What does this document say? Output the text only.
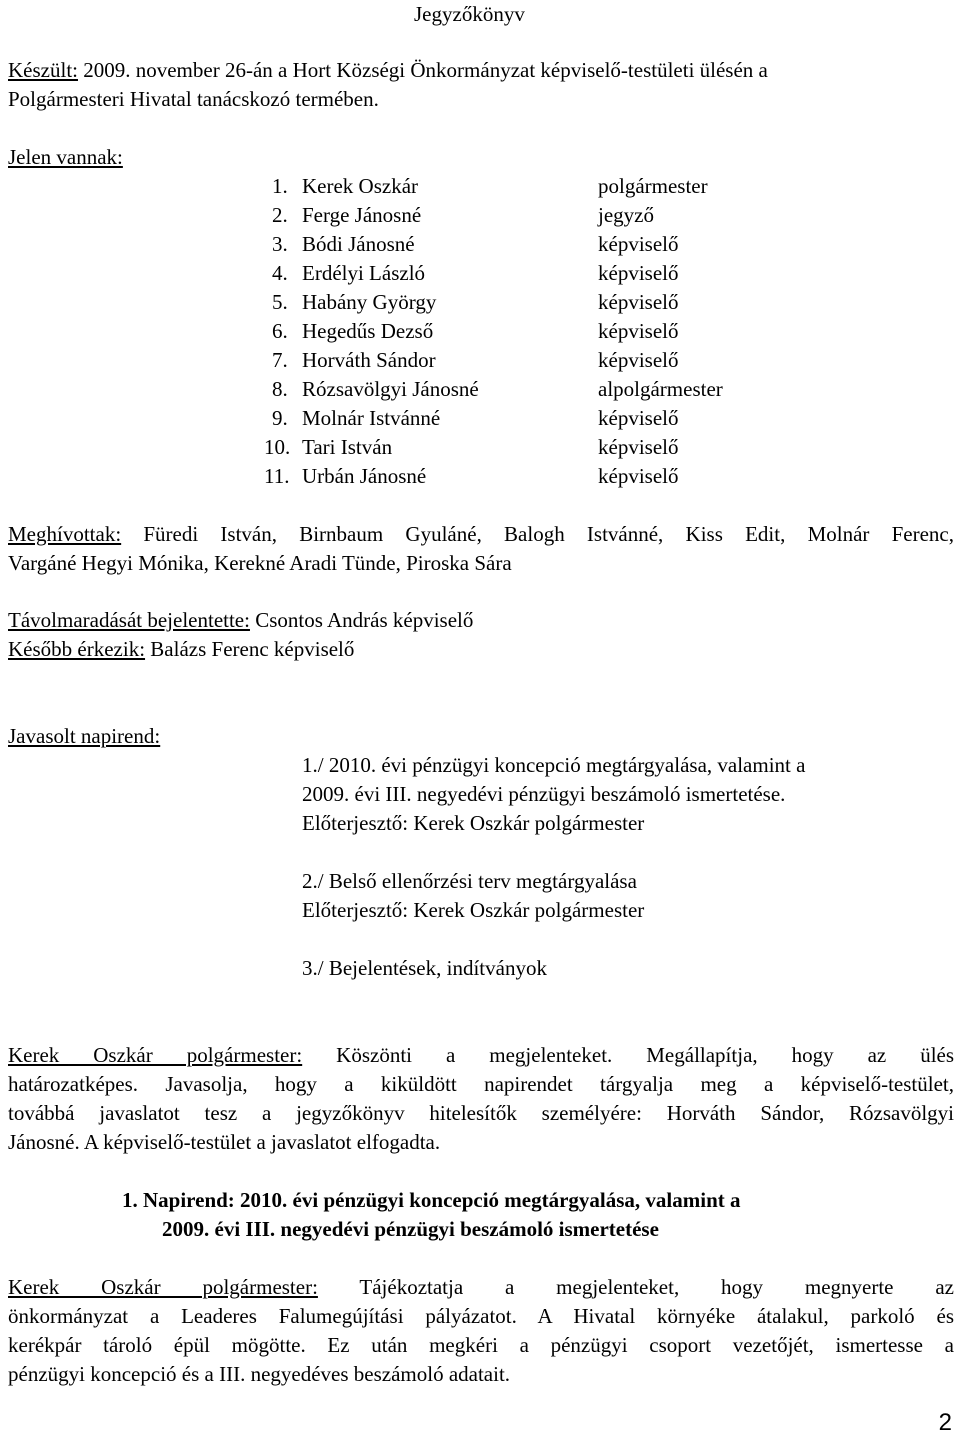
Jegyzőkönyv
Készült: 2009. november 26-án a Hort Községi Önkormányzat képviselő-testületi ülésén a
Polgármesteri Hivatal tanácskozó termében.
Jelen vannak:
1. Kerek Oszkár	polgármester
2. Ferge Jánosné	jegyző
3. Bódi Jánosné	képviselő
4. Erdélyi László	képviselő
5. Habány György	képviselő
6. Hegedűs Dezső	képviselő
7. Horváth Sándor	képviselő
8. Rózsavölgyi Jánosné	alpolgármester
9. Molnár Istvánné	képviselő
10. Tari István	képviselő
11. Urbán Jánosné	képviselő
Meghívottak: Füredi István, Birnbaum Gyuláné, Balogh Istvánné, Kiss Edit, Molnár Ferenc,
Vargáné Hegyi Mónika, Kerekné Aradi Tünde, Piroska Sára
Távolmaradását bejelentette: Csontos András képviselő
Később érkezik: Balázs Ferenc képviselő
Javasolt napirend:
1./ 2010. évi pénzügyi koncepció megtárgyalása, valamint a
2009. évi III. negyedévi pénzügyi beszámoló ismertetése.
Előterjesztő: Kerek Oszkár polgármester
2./ Belső ellenőrzési terv megtárgyalása
Előterjesztő: Kerek Oszkár polgármester
3./ Bejelentések, indítványok
Kerek Oszkár polgármester: Köszönti a megjelenteket. Megállapítja, hogy az ülés
határozatképes. Javasolja, hogy a kiküldött napirendet tárgyalja meg a képviselő-testület,
továbbá javaslatot tesz a jegyzőkönyv hitelesítők személyére: Horváth Sándor, Rózsavölgyi
Jánosné. A képviselő-testület a javaslatot elfogadta.
1. Napirend: 2010. évi pénzügyi koncepció megtárgyalása, valamint a
2009. évi III. negyedévi pénzügyi beszámoló ismertetése
Kerek Oszkár polgármester: Tájékoztatja a megjelenteket, hogy megnyerte az
önkormányzat a Leaderes Falumegújítási pályázatot. A Hivatal környéke átalakul, parkoló és
kerékpár tároló épül mögötte. Ez után megkéri a pénzügyi csoport vezetőjét, ismertesse a
pénzügyi koncepció és a III. negyedéves beszámoló adatait.
2
